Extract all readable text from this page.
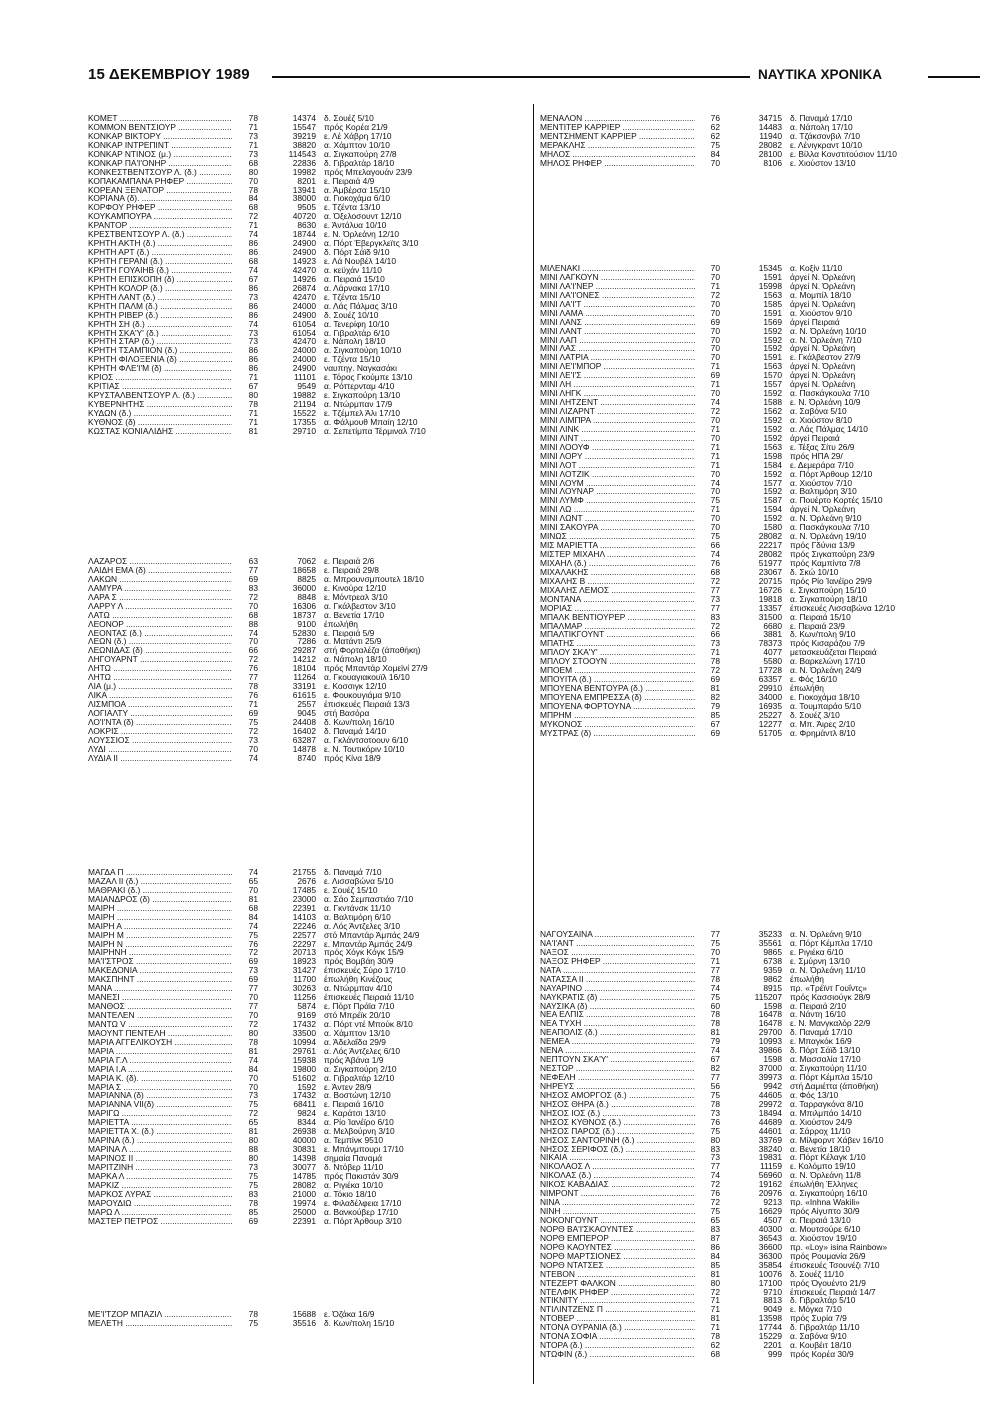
15 ΔΕΚΕΜΒΡΙΟΥ 1989	ΝΑΥΤΙΚΑ ΧΡΟΝΙΚΑ
ΚΟΜΕΤ .....	78	14374 δ. Σουέζ 5/10
ΚΟΜΜΟΝ ΒΕΝΤΣΙΟΥΡ .....	71	15547 πρός Κορέα 21/9
ΚΟΝΚΑΡ ΒΙΚΤΟΡΥ .....	73	39219 ε. Λέ Χάβρη 17/10
ΚΟΝΚΑΡ ΙΝΤΡΕΠΙΝΤ .....	71	38820 α. Χάμπτον 10/10
ΚΟΝΚΑΡ ΝΤΙΝΟΣ (μ.) .....	73	114543 α. Σιγκαπούρη 27/8
ΚΟΝΚΑΡ ΠΑ'Ι'ΟΝΗΡ .....	68	22836 δ. Γιβραλτάρ 18/10
ΚΟΝΚΕΣΤΒΕΝΤΣΟΥΡ Λ. (δ.) .....	80	19982 πρός Μπελαγουάν 23/9
ΚΟΠΑΚΑΜΠΑΝΑ ΡΗΦΕΡ .....	70	8201 ε. Πειραιά 4/9
ΚΟΡΕΑΝ ΞΕΝΑΤΟΡ .....	78	13941 α. Άμβέρσα 15/10
ΚΟΡΙΑΝΑ (δ). .....	84	38000 α. Γιοκοχάμα 6/10
ΚΟΡΦΟΥ ΡΗΦΕΡ .....	68	9505 ε. Τζέντα 13/10
ΚΟΥΚΑΜΠΟΥΡΑ .....	72	40720 α. Όξελοσουντ 12/10
ΚΡΑΝΤΟΡ .....	71	8630 ε. Άντάλυα 10/10
ΚΡΕΣΤΒΕΝΤΣΟΥΡ Λ. (δ.) .....	74	18744 ε. Ν. Όρλεάνη 12/10
ΚΡΗΤΗ ΑΚΤΗ (δ.) .....	86	24900 α. Πόρτ Έβεργκλεϊτς 3/10
ΚΡΗΤΗ ΑΡΤ (δ.) .....	86	24900 δ. Πόρτ Σάϊδ 9/10
ΚΡΗΤΗ ΓΕΡΑΝΙ (δ.) .....	68	14923 ε. Λά Νουβέλ 14/10
ΚΡΗΤΗ ΓΟΥΑΙΗΒ (δ.) .....	74	42470 α. κεϋχάν 11/10
ΚΡΗΤΗ ΕΠΙΣΚΟΠΗ (δ) .....	67	14926 α. Πειραιά 15/10
ΚΡΗΤΗ ΚΟΛΟΡ (δ.) .....	86	26874 α. Λάρνακα 17/10
ΚΡΗΤΗ ΛΑΝΤ (δ.) .....	73	42470 ε. Τζέντα 15/10
ΚΡΗΤΗ ΠΑΛΜ (δ.) .....	86	24000 α. Λάς Πάλμας 3/10
ΚΡΗΤΗ ΡΙΒΕΡ (δ.) .....	86	24900 δ. Σουέζ 10/10
ΚΡΗΤΗ ΣΗ (δ.) .....	74	61054 α. Τενερίφη 10/10
ΚΡΗΤΗ ΣΚΑ'Υ' (δ.) .....	73	61054 α. Γιβραλτάρ 6/10
ΚΡΗΤΗ ΣΤΑΡ (δ.) .....	73	42470 ε. Νάπολη 18/10
ΚΡΗΤΗ ΤΣΑΜΠΙΟΝ (δ.) .....	86	24000 α. Σιγκαπούρη 10/10
ΚΡΗΤΗ ΦΙΛΟΞΕΝΙΑ (δ) .....	86	24000 ε. Τζέντα 15/10
ΚΡΗΤΗ ΦΛΕ'Ι'Μ (δ) .....	86	24900 ναυπηγ. Ναγκασάκι
ΚΡΙΟΣ .....	71	11101 ε. Τόρος Γκούμπε 13/10
ΚΡΙΤΙΑΣ .....	67	9549 α. Ρόττερνταμ 4/10
ΚΡΥΣΤΑΛΒΕΝΤΣΟΥΡ Λ. (δ.) .....	80	19882 ε. Σιγκαπούρη 13/10
ΚΥΒΕΡΝΗΤΗΣ .....	78	21194 α. Ντώρμπαν 17/9
ΚΥΔΩΝ (δ.) .....	71	15522 ε. Τζέμπελ Άλι 17/10
ΚΥΘΝΟΣ (δ) .....	71	17355 α. Φάλμουθ Μπαίη 12/10
ΚΩΣΤΑΣ ΚΟΝΙΑΛΙΔΗΣ .....	81	29710 α. Σεπετίμπα Τέρμιναλ 7/10
ΛΑΖΑΡΟΣ .....	63	7062 ε. Πειραιά 2/6
ΛΑΙΔΗ ΕΜΑ (δ) .....	77	18658 ε. Πειραιά 29/8
ΛΑΚΩΝ .....	69	8825 α. Μπρουνσμπουτελ 18/10
ΛΑΜΥΡΑ .....	83	36000 ε. Κινούρα 12/10
ΛΑΡΑ Σ .....	72	8848 ε. Μόντρεαλ 3/10
ΛΑΡΡΥ Λ .....	70	16306 α. Γκάλβεστον 3/10
ΛΑΤΩ .....	68	18737 α. Βενετία 17/10
ΛΕΟΝΟΡ .....	88	9100 έπωλήθη
ΛΕΟΝΤΑΣ (δ.) .....	74	52830 ε. Πειραιά 5/9
ΛΕΩΝ (δ.) .....	70	7286 α. Ματάντι 25/9
ΛΕΩΝΙΔΑΣ (δ) .....	66	29287 στή Φορταλέζα (άποθήκη)
ΛΗΓΟΥΑΡΝΤ .....	72	14212 α. Νάπολη 18/10
ΛΗΤΩ .....	76	18104 πρός Μπαντάρ Χομεϊνί 27/9
ΛΗΤΩ .....	77	11264 α. Γκουαγιακουϊλ 16/10
ΛΙΑ (μ.) .....	78	33191 ε. Κοσσιγκ 12/10
ΛΙΚΑ .....	76	61615 ε. Φουκουγιάμα 9/10
ΛΙΣΜΠΟΑ .....	71	2557 έπισκευές Πειραιά 13/3
ΛΟΓΙΑΛΤΥ .....	69	9045 στή Βασόρα
ΛΟ'Ι'ΝΤΑ (δ) .....	75	24408 δ. Κων/πολη 16/10
ΛΟΚΡΙΣ .....	72	16402 δ. Παναμά 14/10
ΛΟΥΣΣΙΟΣ .....	73	63287 α. Γκλάντσοτοουν 6/10
ΛΥΔΙ .....	70	14878 ε. Ν. Τουτικόριν 10/10
ΛΥΔΙΑ ΙΙ .....	74	8740 πρός Κίνα 18/9
ΜΑΓΔΑ Π .....	74	21755 δ. Παναμά 7/10
ΜΑΖΑΛ ΙΙ (δ.) .....	65	2676 ε. Λισσαβώνα 5/10
ΜΑΘΡΑΚΙ (δ.) .....	70	17485 ε. Σουέζ 15/10
ΜΑΙΑΝΔΡΟΣ (δ) .....	81	23000 α. Σάο Σεμπαστιάο 7/10
ΜΑΙΡΗ .....	68	22391 α. Γκντάνσκ 11/10
ΜΑΙΡΗ .....	84	14103 α. Βαλτιμόρη 6/10
ΜΑΙΡΗ Α .....	74	22246 α. Λός Άντζελες 3/10
ΜΑΙΡΗ Μ .....	75	22577 στό Μπαντάρ Άμπάς 24/9
ΜΑΙΡΗ Ν .....	76	22297 ε. Μπαντάρ Άμπάς 24/9
ΜΑΙΡΗΝΗ .....	72	20713 πρός Χόγκ Κόγκ 15/9
ΜΑ'Ι'ΣΤΡΟΣ .....	69	18923 πρός Βομβάη 30/9
ΜΑΚΕΔΟΝΙΑ .....	73	31427 έπισκευές Σύρο 17/10
ΜΑΚΣΠΗΝΤ .....	69	11700 έπωλήθη Κινέζους
ΜΑΝΑ .....	77	30263 α. Ντώρμπαν 4/10
ΜΑΝΕΣΙ .....	70	11256 έπισκευές Πειραιά 11/10
ΜΑΝΘΟΣ .....	77	5874 ε. Πόρτ Πράϊα 7/10
ΜΑΝΤΕΛΕΝ .....	70	9169 στό Μπρέϊκ 20/10
ΜΑΝΤΩ V .....	72	17432 α. Πόρτ ντέ Μπούκ 8/10
ΜΑΟΥΝΤ ΠΕΝΤΕΛΗ .....	80	33500 α. Χάμπτον 13/10
ΜΑΡΙΑ ΑΓΓΕΛΙΚΟΥΣΗ .....	78	10994 α. Άδελαΐδα 29/9
ΜΑΡΙΑ .....	81	29761 α. Λός Άντζελες 6/10
ΜΑΡΙΑ Γ.Λ .....	74	15938 πρός Άβάνα 1/9
ΜΑΡΙΑ Ι.Α .....	84	19800 α. Σιγκαπούρη 2/10
ΜΑΡΙΑ Κ. (δ). .....	70	51602 α. Γιβραλτάρ 12/10
ΜΑΡΙΑ Σ .....	70	1592 ε. Άντεν 28/9
ΜΑΡΙΑΝΝΑ (δ) .....	73	17432 α. Βοστώνη 12/10
ΜΑΡΙΑΝΝΑ VII(δ) .....	75	68411 ε. Πειραιά 16/10
ΜΑΡΙΓΩ .....	72	9824 ε. Καράτσι 13/10
ΜΑΡΙΕΤΤΑ .....	65	8344 α. Ρίο Ίανέϊρο 6/10
ΜΑΡΙΕΤΤΑ Χ. (δ.) .....	81	26938 α. Μελβούρνη 3/10
ΜΑΡΙΝΑ (δ.) .....	80	40000 α. Τεμπίνκ 9510
ΜΑΡΙΝΑ Λ .....	88	30831 ε. Μπάνμπουρι 17/10
ΜΑΡΙΝΟΣ ΙΙ .....	80	14398 σημαία Παναμά
ΜΑΡΙΤΖΙΝΗ .....	73	30077 δ. Ντόβερ 11/10
ΜΑΡΚΑ Λ .....	75	14785 πρός Πακιστάν 30/9
ΜΑΡΚΙΖ .....	75	28082 α. Ριγιέκα 10/10
ΜΑΡΚΟΣ ΛΥΡΑΣ .....	83	21000 α. Τόκιο 18/10
ΜΑΡΟΥΔΙΩ .....	78	19974 ε. Φιλαδέλφεια 17/10
ΜΑΡΩ Λ .....	85	25000 α. Βανκούβερ 17/10
ΜΑΣΤΕΡ ΠΕΤΡΟΣ .....	69	22391 α. Πόρτ Άρθουρ 3/10
ΜΕ'Ι'ΤΖΟΡ ΜΠΑΖΙΛ .....	78	15688 ε. Όζάκα 16/9
ΜΕΛΕΤΗ .....	75	35516 δ. Κων/πολη 15/10
ΜΕΝΑΛΟΝ .....	76	34715 δ. Παναμά 17/10
ΜΕΝΤΙΤΕΡ ΚΑΡΡΙΕΡ .....	62	14483 α. Νάπολη 17/10
ΜΕΝΤΣΗΜΕΝΤ ΚΑΡΡΙΕΡ .....	62	11940 α. Τζάκσονβιλ 7/10
ΜΕΡΑΚΛΗΣ .....	75	28082 ε. Λένιγκραντ 10/10
ΜΗΛΟΣ .....	84	28100 ε. Βίλλα Κονστιτούσιον 11/10
ΜΗΛΟΣ ΡΗΦΕΡ .....	70	8106 ε. Χιούστον 13/10
ΜΙΛΕΝΑΚΙ .....	70	15345 α. Κοξίν 11/10
ΜΙΝΙ ΛΑΓΚΟΥΝ .....	70	1591 άργεί Ν. Όρλεάνη
ΜΙΝΙ ΛΑ'Ι'ΝΕΡ .....	71	15998 άργεί Ν. Όρλεάνη
ΜΙΝΙ ΛΑ'Ι'ΟΝΕΣ .....	72	1563 α. Μομπίλ 18/10
ΜΙΝΙ ΛΑ'Ι'Τ .....	70	1585 άργεί Ν. Όρλεάνη
ΜΙΝΙ ΛΑΜΑ .....	70	1591 α. Χιούστον 9/10
ΜΙΝΙ ΛΑΝΣ .....	69	1569 άργεί Πειραιά
ΜΙΝΙ ΛΑΝΤ .....	70	1592 α. Ν. Όρλεάνη 10/10
ΜΙΝΙ ΛΑΠ .....	70	1592 α. Ν. Όρλεάνη 7/10
ΜΙΝΙ ΛΑΣ .....	70	1592 άργεί Ν. Όρλεάνη
ΜΙΝΙ ΛΑΤΡΙΑ .....	70	1591 ε. Γκάλβεστον 27/9
ΜΙΝΙ ΛΕ'Ι'ΜΠΟΡ .....	71	1563 άργεί Ν. Όρλεάνη
ΜΙΝΙ ΛΕ'Ι'Σ .....	69	1570 άργεί Ν. Όρλεάνη
ΜΙΝΙ ΛΗ .....	71	1557 άργεί Ν. Όρλεάνη
ΜΙΝΙ ΛΗΓΚ .....	70	1592 α. Πασκάγκουλα 7/10
ΜΙΝΙ ΛΗΤΖΕΝΤ .....	74	1588 ε. Ν. Όρλεάνη 10/9
ΜΙΝΙ ΛΙΖΑΡΝΤ .....	72	1562 α. Σαβόνα 5/10
ΜΙΝΙ ΛΙΜΠΡΑ .....	70	1592 α. Χιούστον 8/10
ΜΙΝΙ ΛΙΝΚ .....	71	1592 α. Λάς Πάλμας 14/10
ΜΙΝΙ ΛΙΝΤ .....	70	1592 άργεί Πειραιά
ΜΙΝΙ ΛΟΟΥΦ .....	71	1563 ε. Τέξας Σίτυ 26/9
ΜΙΝΙ ΛΟΡΥ .....	71	1598 πρός ΗΠΑ 29/
ΜΙΝΙ ΛΟΤ .....	71	1584 ε. Δεμεράρα 7/10
ΜΙΝΙ ΛΟΤΖΙΚ .....	70	1592 α. Πόρτ Άρθουρ 12/10
ΜΙΝΙ ΛΟΥΜ .....	74	1577 α. Χιούστον 7/10
ΜΙΝΙ ΛΟΥΝΑΡ .....	70	1592 α. Βαλτιμόρη 3/10
ΜΙΝΙ ΛΥΜΦ .....	75	1587 α. Πουέρτο Κορτές 15/10
ΜΙΝΙ ΛΩ .....	71	1594 άργεί Ν. Όρλεάνη
ΜΙΝΙ ΛΩΝΤ .....	70	1592 α. Ν. Όρλεάνη 9/10
ΜΙΝΙ ΣΑΚΟΥΡΑ .....	70	1580 α. Πασκάγκουλα 7/10
ΜΙΝΩΣ .....	75	28082 α. Ν. Όρλεάνη 19/10
ΜΙΣ ΜΑΡΙΕΤΤΑ .....	66	22217 πρός Γδύνια 13/9
ΜΙΣΤΕΡ ΜΙΧΑΗΛ .....	74	28082 πρός Σιγκαπούρη 23/9
ΜΙΧΑΗΛ (δ.) .....	76	51977 πρός Καμπίντα 7/8
ΜΙΧΑΛΑΚΗΣ .....	68	23067 δ. Σκώ 10/10
ΜΙΧΑΛΗΣ Β .....	72	20715 πρός Ρίο Ίανέϊρο 29/9
ΜΙΧΑΛΗΣ ΛΕΜΟΣ .....	77	16726 ε. Σιγκαπούρη 15/10
ΜΟΝΤΑΝΑ .....	73	19818 α. Σιγκαπούρη 18/10
ΜΟΡΙΑΣ .....	77	13357 έπισκευές Λισσαβώνα 12/10
ΜΠΑΛΚ ΒΕΝΤΙΟΥΡΕΡ .....	83	31500 α. Πειραιά 15/10
ΜΠΑΛΜΑΡ .....	72	6680 ε. Πειραιά 23/9
ΜΠΑΛΤΙΚΓΟΥΝΤ .....	66	3881 δ. Κων/πολη 9/10
ΜΠΑΤΗΣ .....	73	78373 πρός Κισαράζου 7/9
ΜΠΛΟΥ ΣΚΑ'Υ' .....	71	4077 μετασκευάζεται Πειραιά
ΜΠΛΟΥ ΣΤΟΟΥΝ .....	78	5580 α. Βαρκελώνη 17/10
ΜΠΟΕΜ .....	72	17728 α. Ν. Όρλεάνη 24/9
ΜΠΟΥΙΤΑ (δ.) .....	69	63357 ε. Φός 16/10
ΜΠΟΥΕΝΑ ΒΕΝΤΟΥΡΑ (δ.) .....	81	29910 έπωλήθη
ΜΠΟΥΕΝΑ ΕΜΠΡΕΣΣΑ (δ) .....	82	34000 ε. Γιοκοχάμα 18/10
ΜΠΟΥΕΝΑ ΦΟΡΤΟΥΝΑ .....	79	16935 α. Τουμπαράο 5/10
ΜΠΡΗΜ .....	85	25227 δ. Σουέζ 3/10
ΜΥΚΟΝΟΣ .....	67	12277 α. Μπ. Άιρες 2/10
ΜΥΣΤΡΑΣ (δ) .....	69	51705 α. Φρημάντλ 8/10
ΝΑΓΟΥΣΑΙΝΑ .....	77	35233 α. Ν. Όρλεάνη 9/10
ΝΑ'Ι'ΑΝΤ .....	75	35561 α. Πόρτ Κέμπλα 17/10
ΝΑΞΟΣ .....	70	9865 ε. Ριγιέκα 6/10
ΝΑΞΟΣ ΡΗΦΕΡ .....	71	6738 ε. Σμύρνη 13/10
ΝΑΤΑ .....	77	9359 α. Ν. Όρλεάνη 11/10
ΝΑΤΑΣΣΑ ΙΙ .....	78	9862 έπωλήθη
ΝΑΥΑΡΙΝΟ .....	74	8915 πρ. «Τρέϊντ Γουΐντς»
ΝΑΥΚΡΑΤΙΣ (δ) .....	75	115207 πρός Κασσιούγκ 28/9
ΝΑΥΣΙΚΑ (δ) .....	60	1598 α. Πειραιά 2/10
ΝΕΑ ΕΛΠΙΣ .....	78	16478 α. Νάντη 16/10
ΝΕΑ ΤΥΧΗ .....	78	16478 ε. Ν. Μανγκαλόρ 22/9
ΝΕΑΠΟΛΙΣ (δ.) .....	81	29700 δ. Παναμά 17/10
ΝΕΜΕΑ .....	79	10993 ε. Μπαγκόκ 16/9
ΝΕΝΑ .....	74	39866 δ. Πόρτ Σάϊδ 13/10
ΝΕΠΤΟΥΝ ΣΚΑ'Υ' .....	67	1598 α. Μασσαλία 17/10
ΝΕΣΤΩΡ .....	82	37000 α. Σιγκαπούρη 11/10
ΝΕΦΕΛΗ .....	77	39973 α. Πόρτ Κέμπλα 15/10
ΝΗΡΕΥΣ .....	56	9942 στή Δαμιέττα (άποθήκη)
ΝΗΣΟΣ ΑΜΟΡΓΟΣ (δ.) .....	75	44605 α. Φός 13/10
ΝΗΣΟΣ ΘΗΡΑ (δ.) .....	78	29972 α. Ταρραγκόνα 8/10
ΝΗΣΟΣ ΙΟΣ (δ.) .....	73	18494 α. Μπιλμπάο 14/10
ΝΗΣΟΣ ΚΥΘΝΟΣ (δ.) .....	76	44689 α. Χιούστον 24/9
ΝΗΣΟΣ ΠΑΡΟΣ (δ.) .....	75	44601 α. Σάρροχ 11/10
ΝΗΣΟΣ ΣΑΝΤΟΡΙΝΗ (δ.) .....	80	33769 α. Μίλφορντ Χάβεν 16/10
ΝΗΣΟΣ ΣΕΡΙΦΟΣ (δ.) .....	83	38240 α. Βενετία 18/10
ΝΙΚΑΙΑ .....	73	19831 α. Πόρτ Κέλαγκ 1/10
ΝΙΚΟΛΑΟΣ Λ .....	77	11159 ε. Κολόμπο 19/10
ΝΙΚΟΛΑΣ (δ.) .....	74	56960 α. Ν. Όρλεάνη 11/8
ΝΙΚΟΣ ΚΑΒΑΔΙΑΣ .....	72	19162 έπωλήθη Έλληνες
ΝΙΜΡΟΝΤ .....	76	20976 α. Σιγκαπούρη 16/10
ΝΙΝΑ .....	72	9213 πρ. «Inhna Wakili»
ΝΙΝΗ .....	75	16629 πρός Αίγυπτο 30/9
ΝΟΚΟΝΓΟΥΝΤ .....	65	4507 α. Πειραιά 13/10
ΝΟΡΘ ΒΑ'Ι'ΣΚΑΟΥΝΤΕΣ .....	83	40300 α. Μουτσούρε 6/10
ΝΟΡΘ ΕΜΠΕΡΟΡ .....	87	36543 α. Χιούστον 19/10
ΝΟΡΘ ΚΑΟΥΝΤΕΣ .....	86	36600 πρ. «Loy» isina Rainbow»
ΝΟΡΘ ΜΑΡΤΣΙΟΝΕΣ .....	84	36300 πρός Ρουμανία 26/9
ΝΟΡΘ ΝΤΑΤΣΕΣ .....	85	35854 έπισκευές Τσουνέζι 7/10
ΝΤΕΒΟΝ .....	81	10076 δ. Σουέζ 11/10
ΝΤΕΖΕΡΤ ΦΑΛΚΟΝ .....	80	17100 πρός Όγουέντο 21/9
ΝΤΕΛΦΙΚ ΡΗΦΕΡ .....	72	9710 έπισκευές Πειραιά 14/7
ΝΤΙΚΝΙΤΥ .....	71	8813 δ. Γιβραλτάρ 5/10
ΝΤΙΛΙΝΤΖΕΝΣ Π .....	71	9049 ε. Μόγκα 7/10
ΝΤΟΒΕΡ .....	81	13598 πρός Συρία 7/9
ΝΤΟΝΑ ΟΥΡΑΝΙΑ (δ.) .....	71	17744 δ. Γιβραλτάρ 11/10
ΝΤΟΝΑ ΣΟΦΙΑ .....	78	15229 α. Σαβόνα 9/10
ΝΤΟΡΑ (δ.) .....	62	2201 α. Κουβέιτ 18/10
ΝΤΩΦΙΝ (δ.) .....	68	999 πρός Κορέα 30/9
